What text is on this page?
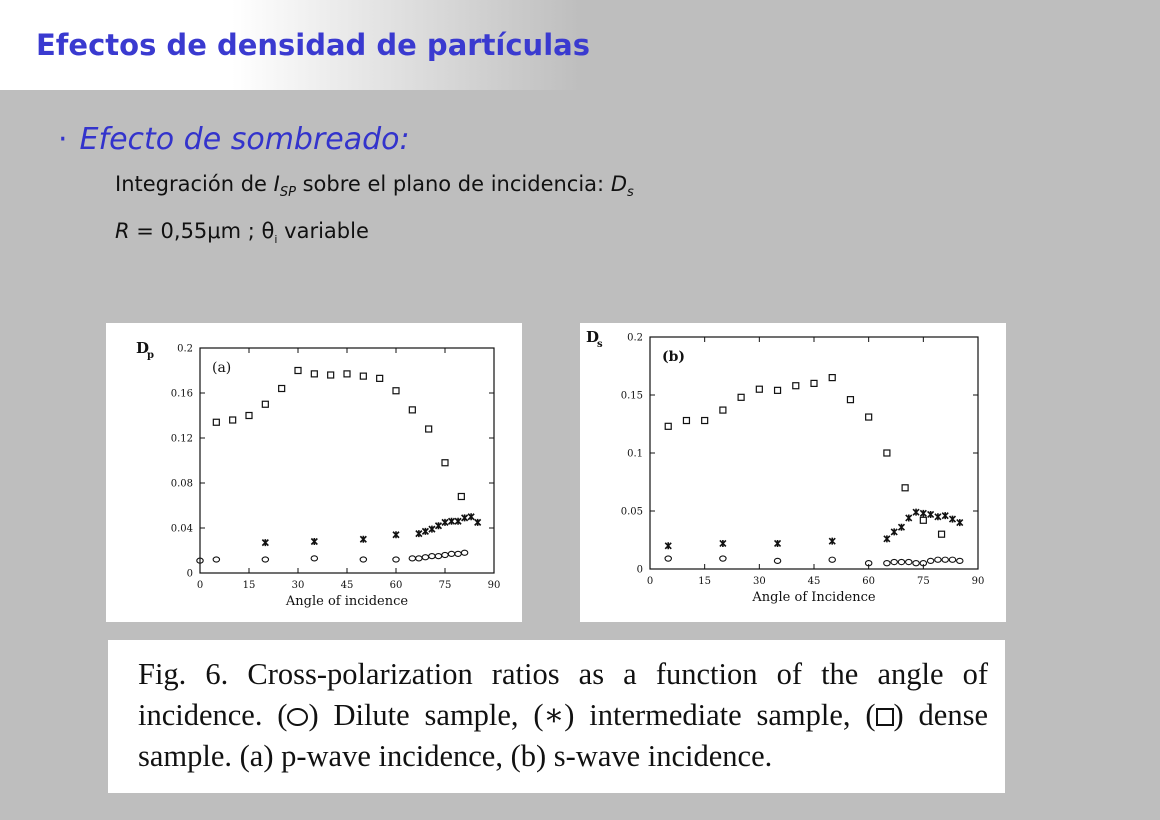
Efectos de densidad de partículas
· Efecto de sombreado:
Integración de $I_{SP}$ sobre el plano de incidencia: $D_s$
R = 0,55μm ; $\theta_i$ variable
0	15	30	45	60	75	90
0
0.04
0.08
0.12
0.16
0.2
D
p
Angle of incidence
(a)
0	15	30	45	60	75	90
0
0.05
0.1
0.15
0.2
D
s
Angle of Incidence
(b)

Fig. 6. Cross-polarization ratios as a function of the angle of incidence. ( ) Dilute sample, (∗) intermediate sample, ( ) dense sample. (a) p-wave incidence, (b) s-wave incidence.
